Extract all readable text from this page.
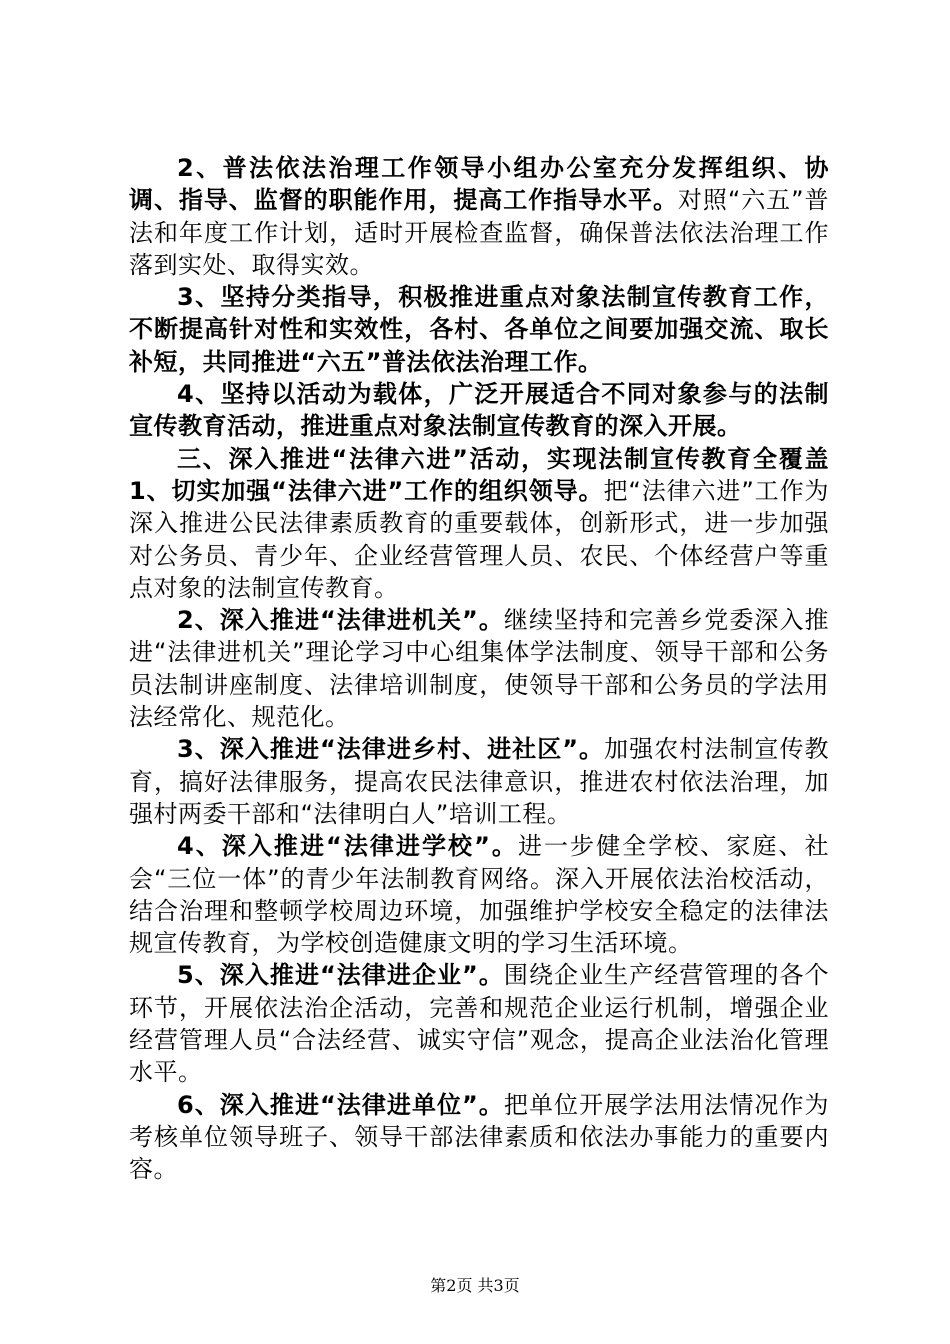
2、普法依法治理工作领导小组办公室充分发挥组织、协调、指导、监督的职能作用，提高工作指导水平。对照“六五”普法和年度工作计划，适时开展检查监督，确保普法依法治理工作落到实处、取得实效。

3、坚持分类指导，积极推进重点对象法制宣传教育工作，不断提高针对性和实效性，各村、各单位之间要加强交流、取长补短，共同推进“六五”普法依法治理工作。

4、坚持以活动为载体，广泛开展适合不同对象参与的法制宣传教育活动，推进重点对象法制宣传教育的深入开展。

三、深入推进“法律六进”活动，实现法制宣传教育全覆盖1、切实加强“法律六进”工作的组织领导。把“法律六进”工作为深入推进公民法律素质教育的重要载体，创新形式，进一步加强对公务员、青少年、企业经营管理人员、农民、个体经营户等重点对象的法制宣传教育。

2、深入推进“法律进机关”。继续坚持和完善乡党委深入推进“法律进机关”理论学习中心组集体学法制度、领导干部和公务员法制讲座制度、法律培训制度，使领导干部和公务员的学法用法经常化、规范化。

3、深入推进“法律进乡村、进社区”。加强农村法制宣传教育，搞好法律服务，提高农民法律意识，推进农村依法治理，加强村两委干部和“法律明白人”培训工程。

4、深入推进“法律进学校”。进一步健全学校、家庭、社会“三位一体”的青少年法制教育网络。深入开展依法治校活动，结合治理和整顿学校周边环境，加强维护学校安全稳定的法律法规宣传教育，为学校创造健康文明的学习生活环境。

5、深入推进“法律进企业”。围绕企业生产经营管理的各个环节，开展依法治企活动，完善和规范企业运行机制，增强企业经营管理人员“合法经营、诚实守信”观念，提高企业法治化管理水平。

6、深入推进“法律进单位”。把单位开展学法用法情况作为考核单位领导班子、领导干部法律素质和依法办事能力的重要内容。

第2页 共3页
